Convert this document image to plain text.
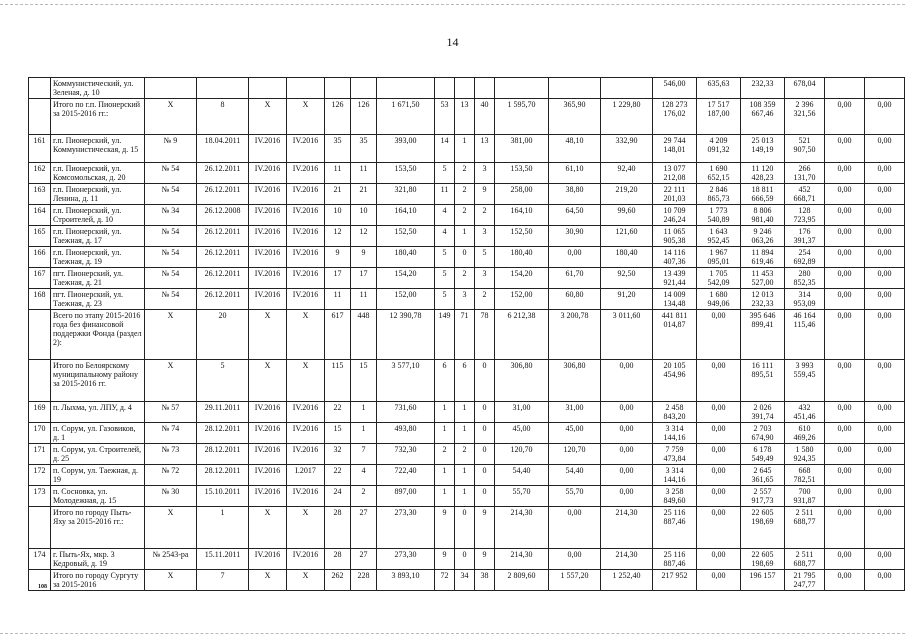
14
	Коммунистический, ул. Зеленая, д. 10														546,00	635,63	232,33	678,04		
	Итого по г.п. Пионерский за 2015-2016 гг.:	Х	8	Х	Х	126	126	1 671,50	53	13	40	1 595,70	365,90	1 229,80	128 273 176,02	17 517 187,00	108 359 667,46	2 396 321,56	0,00	0,00
161	г.п. Пионерский, ул. Коммунистическая, д. 15	№ 9	18.04.2011	IV.2016	IV.2016	35	35	393,00	14	1	13	381,00	48,10	332,90	29 744 148,01	4 209 091,32	25 013 149,19	521 907,50	0,00	0,00
162	г.п. Пионерский, ул. Комсомольская, д. 20	№ 54	26.12.2011	IV.2016	IV.2016	11	11	153,50	5	2	3	153,50	61,10	92,40	13 077 212,08	1 690 652,15	11 120 428,23	266 131,70	0,00	0,00
163	г.п. Пионерский, ул. Ленина, д. 11	№ 54	26.12.2011	IV.2016	IV.2016	21	21	321,80	11	2	9	258,00	38,80	219,20	22 111 201,03	2 846 865,73	18 811 666,59	452 668,71	0,00	0,00
164	г.п. Пионерский, ул. Строителей, д. 10	№ 34	26.12.2008	IV.2016	IV.2016	10	10	164,10	4	2	2	164,10	64,50	99,60	10 709 246,24	1 773 540,89	8 806 981,40	128 723,95	0,00	0,00
165	г.п. Пионерский, ул. Таежная, д. 17	№ 54	26.12.2011	IV.2016	IV.2016	12	12	152,50	4	1	3	152,50	30,90	121,60	11 065 905,38	1 643 952,45	9 246 063,26	176 391,37	0,00	0,00
166	г.п. Пионерский, ул. Таежная, д. 19	№ 54	26.12.2011	IV.2016	IV.2016	9	9	180,40	5	0	5	180,40	0,00	180,40	14 116 407,36	1 967 095,01	11 894 619,46	254 692,89	0,00	0,00
167	пгт. Пионерский, ул. Таежная, д. 21	№ 54	26.12.2011	IV.2016	IV.2016	17	17	154,20	5	2	3	154,20	61,70	92,50	13 439 921,44	1 705 542,09	11 453 527,00	280 852,35	0,00	0,00
168	пгт. Пионерский, ул. Таежная, д. 23	№ 54	26.12.2011	IV.2016	IV.2016	11	11	152,00	5	3	2	152,00	60,80	91,20	14 009 134,48	1 680 949,06	12 013 232,33	314 953,09	0,00	0,00
	Всего по этапу 2015-2016 года без финансовой поддержки Фонда (раздел 2):	Х	20	Х	Х	617	448	12 390,78	149	71	78	6 212,38	3 200,78	3 011,60	441 811 014,87	0,00	395 646 899,41	46 164 115,46	0,00	0,00
	Итого по Белоярскому муниципальному району за 2015-2016 гг.	Х	5	Х	Х	115	15	3 577,10	6	6	0	306,80	306,80	0,00	20 105 454,96	0,00	16 111 895,51	3 993 559,45	0,00	0,00
169	п. Лыхма, ул. ЛПУ, д. 4	№ 57	29.11.2011	IV.2016	IV.2016	22	1	731,60	1	1	0	31,00	31,00	0,00	2 458 843,20	0,00	2 026 391,74	432 451,46	0,00	0,00
170	п. Сорум, ул. Газовиков, д. 1	№ 74	28.12.2011	IV.2016	IV.2016	15	1	493,80	1	1	0	45,00	45,00	0,00	3 314 144,16	0,00	2 703 674,90	610 469,26	0,00	0,00
171	п. Сорум, ул. Строителей, д. 25	№ 73	28.12.2011	IV.2016	IV.2016	32	7	732,30	2	2	0	120,70	120,70	0,00	7 759 473,84	0,00	6 178 549,49	1 580 924,35	0,00	0,00
172	п. Сорум, ул. Таежная, д. 19	№ 72	28.12.2011	IV.2016	I.2017	22	4	722,40	1	1	0	54,40	54,40	0,00	3 314 144,16	0,00	2 645 361,65	668 782,51	0,00	0,00
173	п. Сосновка, ул. Молодежная, д. 15	№ 30	15.10.2011	IV.2016	IV.2016	24	2	897,00	1	1	0	55,70	55,70	0,00	3 258 849,60	0,00	2 557 917,73	700 931,87	0,00	0,00
	Итого по городу Пыть-Яху за 2015-2016 гг.:	Х	1	Х	Х	28	27	273,30	9	0	9	214,30	0,00	214,30	25 116 887,46	0,00	22 605 198,69	2 511 688,77	0,00	0,00
174	г. Пыть-Ях, мкр. 3 Кедровый, д. 19	№ 2543-ра	15.11.2011	IV.2016	IV.2016	28	27	273,30	9	0	9	214,30	0,00	214,30	25 116 887,46	0,00	22 605 198,69	2 511 688,77	0,00	0,00
	Итого по городу Сургуту за 2015-2016	Х	7	Х	Х	262	228	3 893,10	72	34	38	2 809,60	1 557,20	1 252,40	217 952	0,00	196 157	21 795 247,77	0,00	0,00
108
